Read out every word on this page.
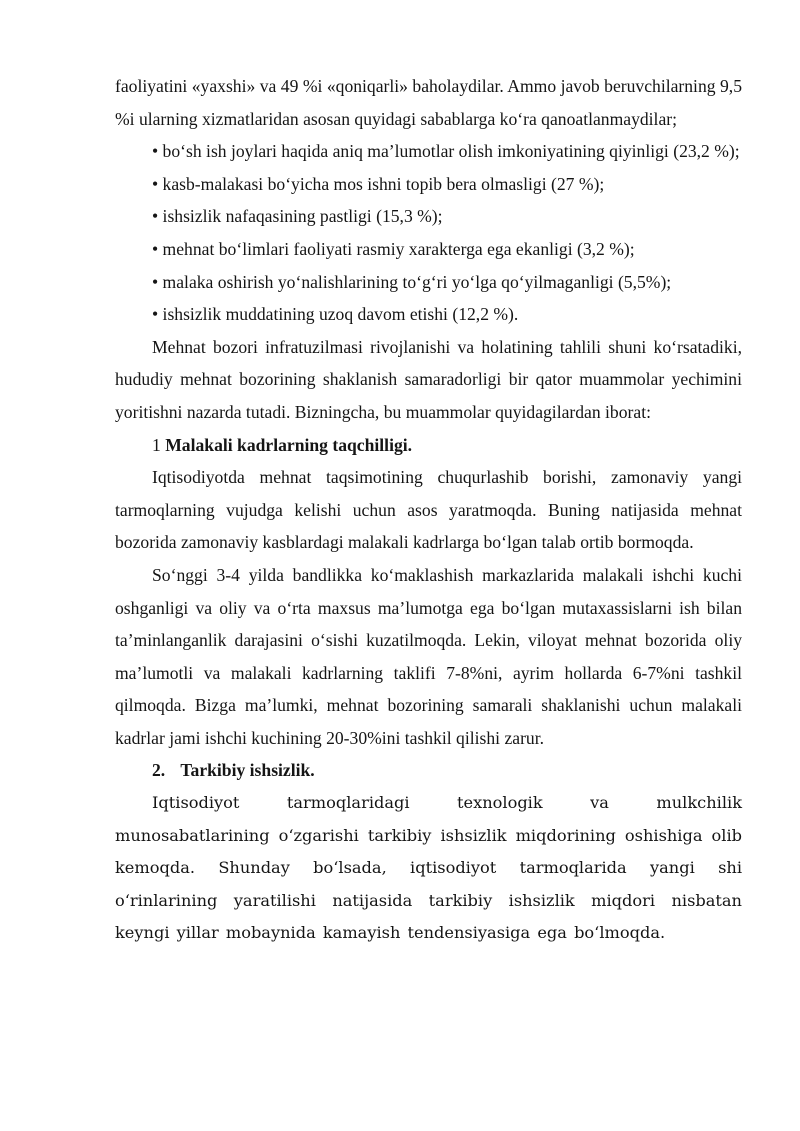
faoliyatini «yaxshi» va 49 %i «qoniqarli» baholaydilar. Ammo javob beruvchilarning 9,5 %i ularning xizmatlaridan asosan quyidagi sabablarga ko‘ra qanoatlanmaydilar;

• bo‘sh ish joylari haqida aniq ma’lumotlar olish imkoniyatining qiyinligi (23,2 %);

• kasb-malakasi bo‘yicha mos ishni topib bera olmasligi (27 %);

• ishsizlik nafaqasining pastligi (15,3 %);

• mehnat bo‘limlari faoliyati rasmiy xarakterga ega ekanligi (3,2 %);

• malaka oshirish yo‘nalishlarining to‘g‘ri yo‘lga qo‘yilmaganligi (5,5%);

• ishsizlik muddatining uzoq davom etishi (12,2 %).

Mehnat bozori infratuzilmasi rivojlanishi va holatining tahlili shuni ko‘rsatadiki, hududiy mehnat bozorining shaklanish samaradorligi bir qator muammolar yechimini yoritishni nazarda tutadi. Bizningcha, bu muammolar quyidagilardan iborat:

1 Malakali kadrlarning taqchilligi.

Iqtisodiyotda mehnat taqsimotining chuqurlashib borishi, zamonaviy yangi tarmoqlarning vujudga kelishi uchun asos yaratmoqda. Buning natijasida mehnat bozorida zamonaviy kasblardagi malakali kadrlarga bo‘lgan talab ortib bormoqda.

So‘nggi 3-4 yilda bandlikka ko‘maklashish markazlarida malakali ishchi kuchi oshganligi va oliy va o‘rta maxsus ma’lumotga ega bo‘lgan mutaxassislarni ish bilan ta’minlanganlik darajasini o‘sishi kuzatilmoqda. Lekin, viloyat mehnat bozorida oliy ma’lumotli va malakali kadrlarning taklifi 7-8%ni, ayrim hollarda 6-7%ni tashkil qilmoqda. Bizga ma’lumki, mehnat bozorining samarali shaklanishi uchun malakali kadrlar jami ishchi kuchining 20-30%ini tashkil qilishi zarur.

2. Tarkibiy ishsizlik.

Iqtisodiyot tarmoqlaridagi texnologik va mulkchilik munosabatlarining o‘zgarishi tarkibiy ishsizlik miqdorining oshishiga olib kemoqda. Shunday bo‘lsada, iqtisodiyot tarmoqlarida yangi shi o‘rinlarining yaratilishi natijasida tarkibiy ishsizlik miqdori nisbatan keyngi yillar mobaynida kamayish tendensiyasiga ega bo‘lmoqda.
